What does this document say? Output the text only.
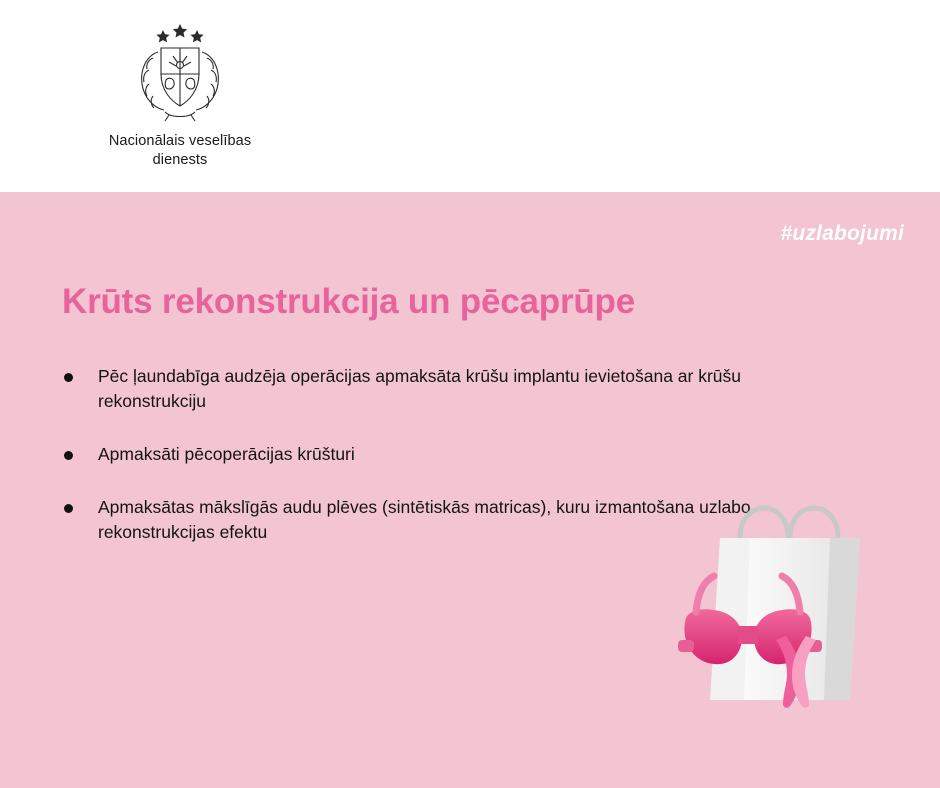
Nacionālais veselības
dienests
#uzlabojumi
Krūts rekonstrukcija un pēcaprūpe
Pēc ļaundabīga audzēja operācijas apmaksāta krūšu implantu ievietošana ar krūšu rekonstrukciju
Apmaksāti pēcoperācijas krūšturi
Apmaksātas mākslīgās audu plēves (sintētiskās matricas), kuru izmantošana uzlabo rekonstrukcijas efektu
